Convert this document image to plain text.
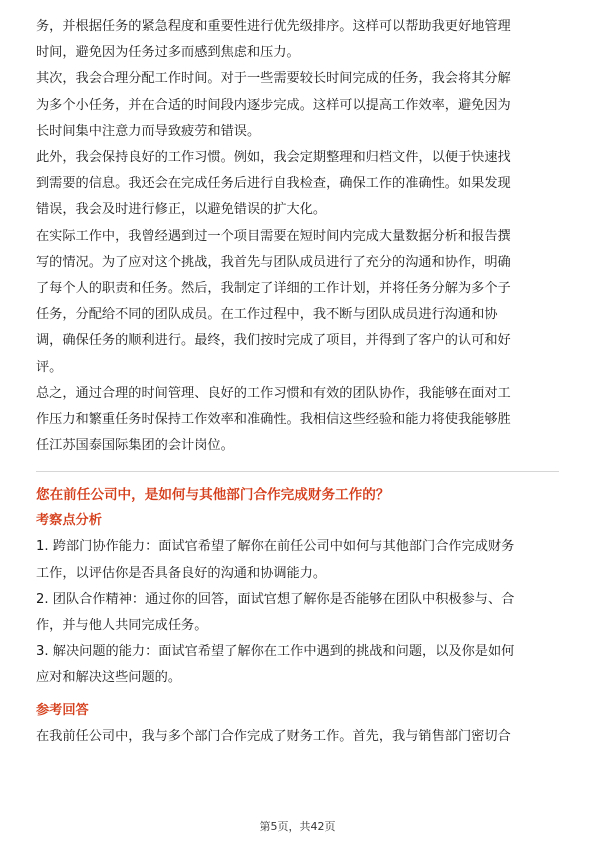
务，并根据任务的紧急程度和重要性进行优先级排序。这样可以帮助我更好地管理
时间，避免因为任务过多而感到焦虑和压力。

其次，我会合理分配工作时间。对于一些需要较长时间完成的任务，我会将其分解
为多个小任务，并在合适的时间段内逐步完成。这样可以提高工作效率，避免因为
长时间集中注意力而导致疲劳和错误。

此外，我会保持良好的工作习惯。例如，我会定期整理和归档文件，以便于快速找
到需要的信息。我还会在完成任务后进行自我检查，确保工作的准确性。如果发现
错误，我会及时进行修正，以避免错误的扩大化。

在实际工作中，我曾经遇到过一个项目需要在短时间内完成大量数据分析和报告撰
写的情况。为了应对这个挑战，我首先与团队成员进行了充分的沟通和协作，明确
了每个人的职责和任务。然后，我制定了详细的工作计划，并将任务分解为多个子
任务，分配给不同的团队成员。在工作过程中，我不断与团队成员进行沟通和协
调，确保任务的顺利进行。最终，我们按时完成了项目，并得到了客户的认可和好
评。

总之，通过合理的时间管理、良好的工作习惯和有效的团队协作，我能够在面对工
作压力和繁重任务时保持工作效率和准确性。我相信这些经验和能力将使我能够胜
任江苏国泰国际集团的会计岗位。

您在前任公司中，是如何与其他部门合作完成财务工作的？

考察点分析

1. 跨部门协作能力：面试官希望了解你在前任公司中如何与其他部门合作完成财务
工作，以评估你是否具备良好的沟通和协调能力。

2. 团队合作精神：通过你的回答，面试官想了解你是否能够在团队中积极参与、合
作，并与他人共同完成任务。

3. 解决问题的能力：面试官希望了解你在工作中遇到的挑战和问题，以及你是如何
应对和解决这些问题的。

参考回答

在我前任公司中，我与多个部门合作完成了财务工作。首先，我与销售部门密切合

第5页，共42页
